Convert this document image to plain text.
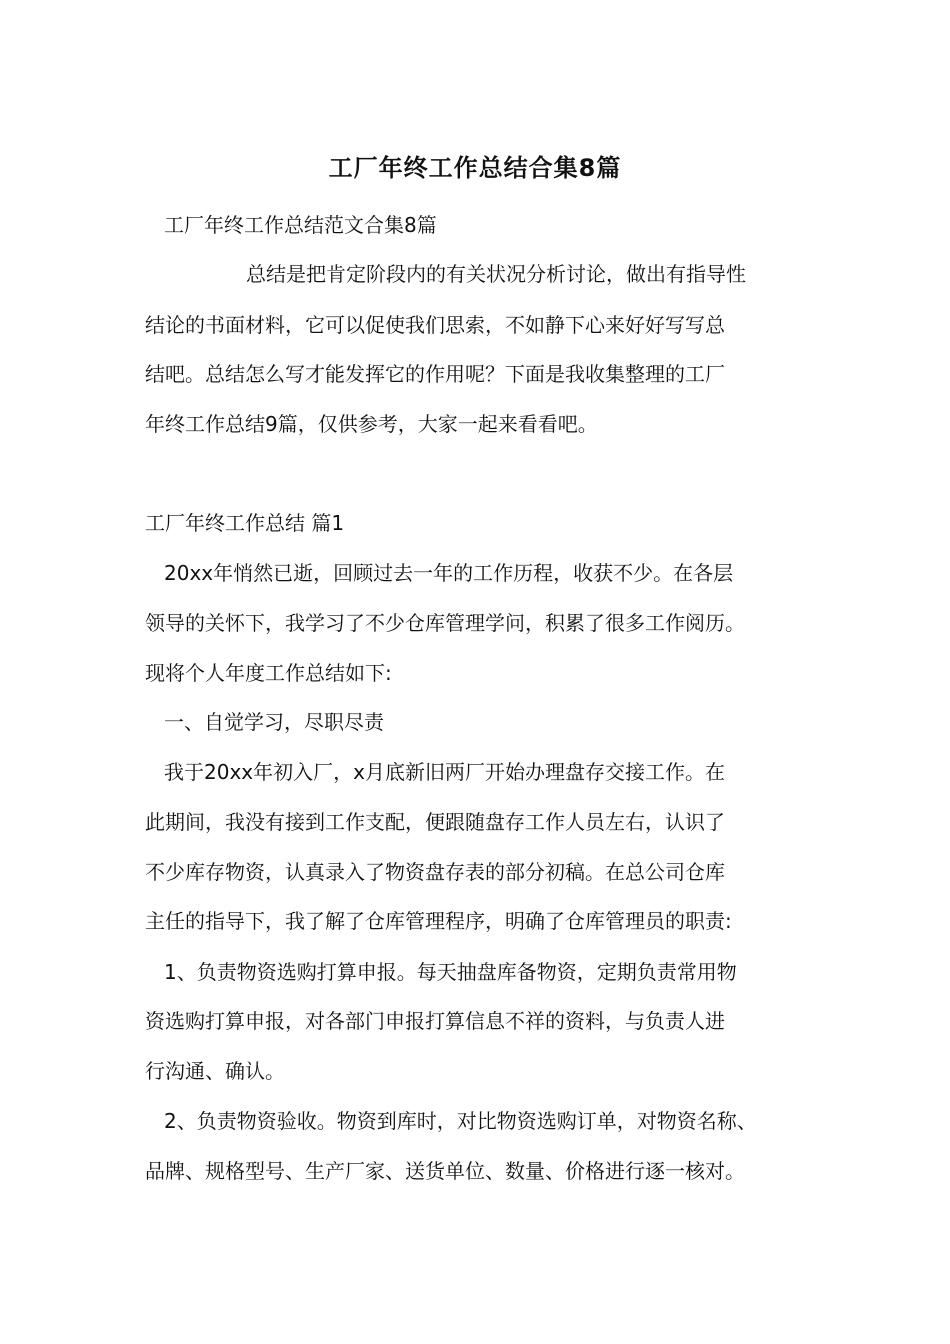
工厂年终工作总结合集8篇
工厂年终工作总结范文合集8篇
总结是把肯定阶段内的有关状况分析讨论，做出有指导性
结论的书面材料，它可以促使我们思索，不如静下心来好好写写总
结吧。总结怎么写才能发挥它的作用呢？下面是我收集整理的工厂
年终工作总结9篇，仅供参考，大家一起来看看吧。
工厂年终工作总结 篇1
20xx年悄然已逝，回顾过去一年的工作历程，收获不少。在各层
领导的关怀下，我学习了不少仓库管理学问，积累了很多工作阅历。
现将个人年度工作总结如下:
一、自觉学习，尽职尽责
我于20xx年初入厂，x月底新旧两厂开始办理盘存交接工作。在
此期间，我没有接到工作支配，便跟随盘存工作人员左右，认识了
不少库存物资，认真录入了物资盘存表的部分初稿。在总公司仓库
主任的指导下，我了解了仓库管理程序，明确了仓库管理员的职责:
1、负责物资选购打算申报。每天抽盘库备物资，定期负责常用物
资选购打算申报，对各部门申报打算信息不祥的资料，与负责人进
行沟通、确认。
2、负责物资验收。物资到库时，对比物资选购订单，对物资名称、
品牌、规格型号、生产厂家、送货单位、数量、价格进行逐一核对。
